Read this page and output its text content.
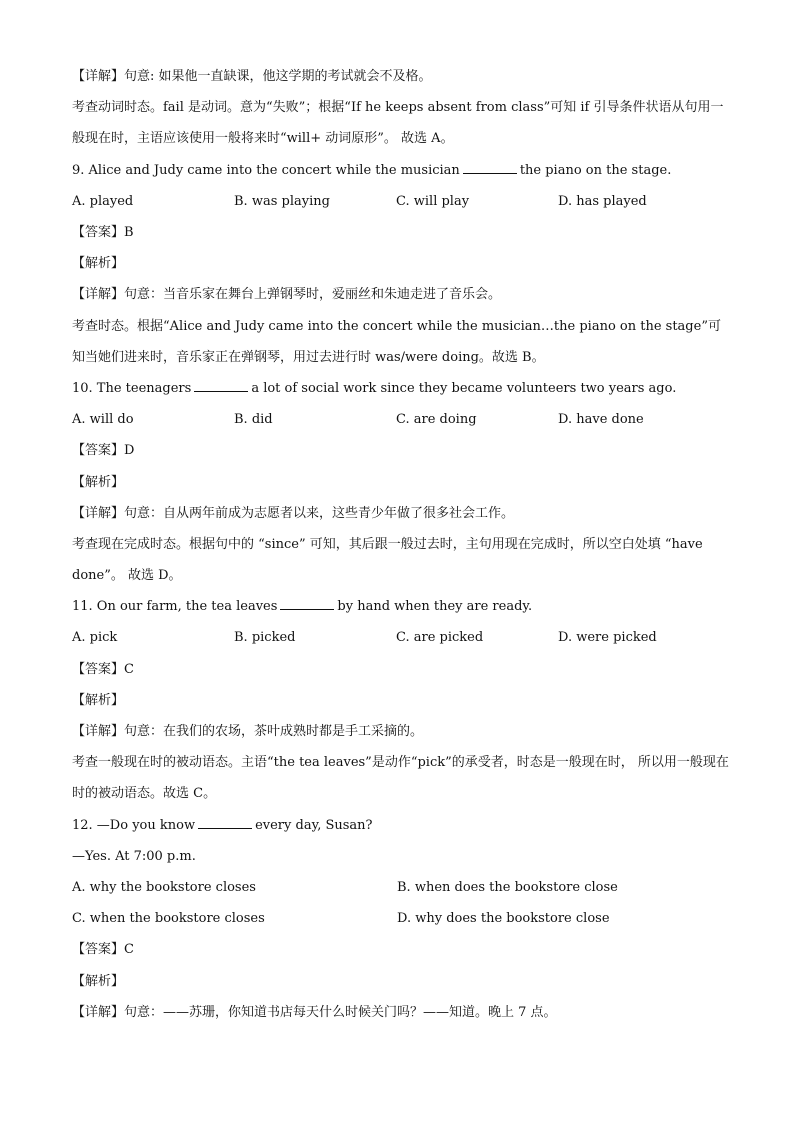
【详解】句意: 如果他一直缺课，他这学期的考试就会不及格。
考查动词时态。fail 是动词。意为“失败”；根据“If he keeps absent from class”可知 if 引导条件状语从句用一般现在时，主语应该使用一般将来时“will+ 动词原形”。 故选 A。
9. Alice and Judy came into the concert while the musician	the piano on the stage.
A. played	B. was playing	C. will play	D. has played
【答案】B
【解析】
【详解】句意：当音乐家在舞台上弹钢琴时，爱丽丝和朱迪走进了音乐会。
考查时态。根据“Alice and Judy came into the concert while the musician…the piano on the stage”可知当她们进来时，音乐家正在弹钢琴，用过去进行时 was/were doing。故选 B。
10. The teenagers	a lot of social work since they became volunteers two years ago.
A. will do	B. did	C. are doing	D. have done
【答案】D
【解析】
【详解】句意：自从两年前成为志愿者以来，这些青少年做了很多社会工作。
考查现在完成时态。根据句中的 “since” 可知，其后跟一般过去时，主句用现在完成时，所以空白处填 “have done”。 故选 D。
11. On our farm, the tea leaves	by hand when they are ready.
A. pick	B. picked	C. are picked	D. were picked
【答案】C
【解析】
【详解】句意：在我们的农场，茶叶成熟时都是手工采摘的。
考查一般现在时的被动语态。主语“the tea leaves”是动作“pick”的承受者，时态是一般现在时， 所以用一般现在时的被动语态。故选 C。
12. —Do you know	every day, Susan?
—Yes. At 7:00 p.m.
A. why the bookstore closes	B. when does the bookstore close
C. when the bookstore closes	D. why does the bookstore close
【答案】C
【解析】
【详解】句意：——苏珊，你知道书店每天什么时候关门吗？——知道。晚上 7 点。
